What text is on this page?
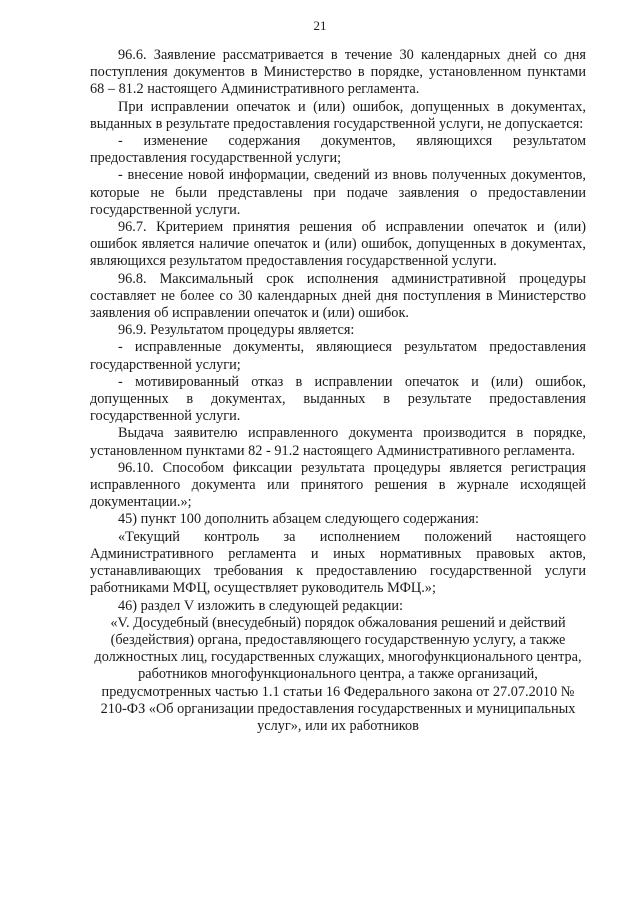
21

96.6. Заявление рассматривается в течение 30 календарных дней со дня поступления документов в Министерство в порядке, установленном пунктами 68 – 81.2 настоящего Административного регламента.

При исправлении опечаток и (или) ошибок, допущенных в документах, выданных в результате предоставления государственной услуги, не допускается:

- изменение содержания документов, являющихся результатом предоставления государственной услуги;

- внесение новой информации, сведений из вновь полученных документов, которые не были представлены при подаче заявления о предоставлении государственной услуги.

96.7. Критерием принятия решения об исправлении опечаток и (или) ошибок является наличие опечаток и (или) ошибок, допущенных в документах, являющихся результатом предоставления государственной услуги.

96.8. Максимальный срок исполнения административной процедуры составляет не более со 30 календарных дней дня поступления в Министерство заявления об исправлении опечаток и (или) ошибок.

96.9. Результатом процедуры является:

- исправленные документы, являющиеся результатом предоставления государственной услуги;

- мотивированный отказ в исправлении опечаток и (или) ошибок, допущенных в документах, выданных в результате предоставления государственной услуги.

Выдача заявителю исправленного документа производится в порядке, установленном пунктами 82 - 91.2 настоящего Административного регламента.

96.10. Способом фиксации результата процедуры является регистрация исправленного документа или принятого решения в журнале исходящей документации.»;

45) пункт 100 дополнить абзацем следующего содержания:

«Текущий контроль за исполнением положений настоящего Административного регламента и иных нормативных правовых актов, устанавливающих требования к предоставлению государственной услуги работниками МФЦ, осуществляет руководитель МФЦ.»;

46) раздел V изложить в следующей редакции:

«V. Досудебный (внесудебный) порядок обжалования решений и действий (бездействия) органа, предоставляющего государственную услугу, а также должностных лиц, государственных служащих, многофункционального центра, работников многофункционального центра, а также организаций, предусмотренных частью 1.1 статьи 16 Федерального закона от 27.07.2010 № 210-ФЗ «Об организации предоставления государственных и муниципальных услуг», или их работников
